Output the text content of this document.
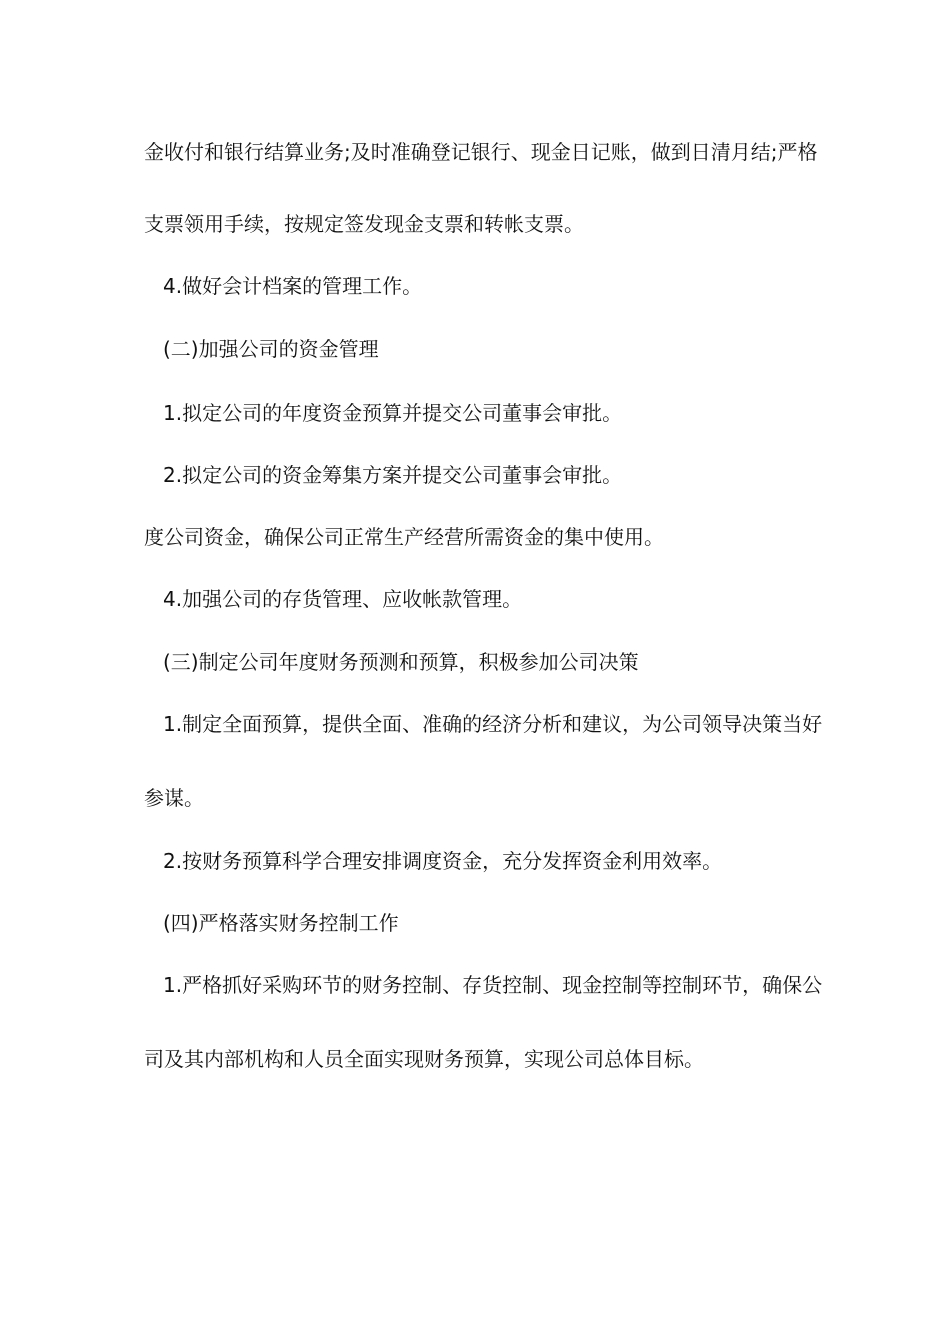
金收付和银行结算业务;及时准确登记银行、现金日记账，做到日清月结;严格
支票领用手续，按规定签发现金支票和转帐支票。
4.做好会计档案的管理工作。
(二)加强公司的资金管理
1.拟定公司的年度资金预算并提交公司董事会审批。
2.拟定公司的资金筹集方案并提交公司董事会审批。
度公司资金，确保公司正常生产经营所需资金的集中使用。
4.加强公司的存货管理、应收帐款管理。
(三)制定公司年度财务预测和预算，积极参加公司决策
1.制定全面预算，提供全面、准确的经济分析和建议，为公司领导决策当好
参谋。
2.按财务预算科学合理安排调度资金，充分发挥资金利用效率。
(四)严格落实财务控制工作
1.严格抓好采购环节的财务控制、存货控制、现金控制等控制环节，确保公
司及其内部机构和人员全面实现财务预算，实现公司总体目标。
